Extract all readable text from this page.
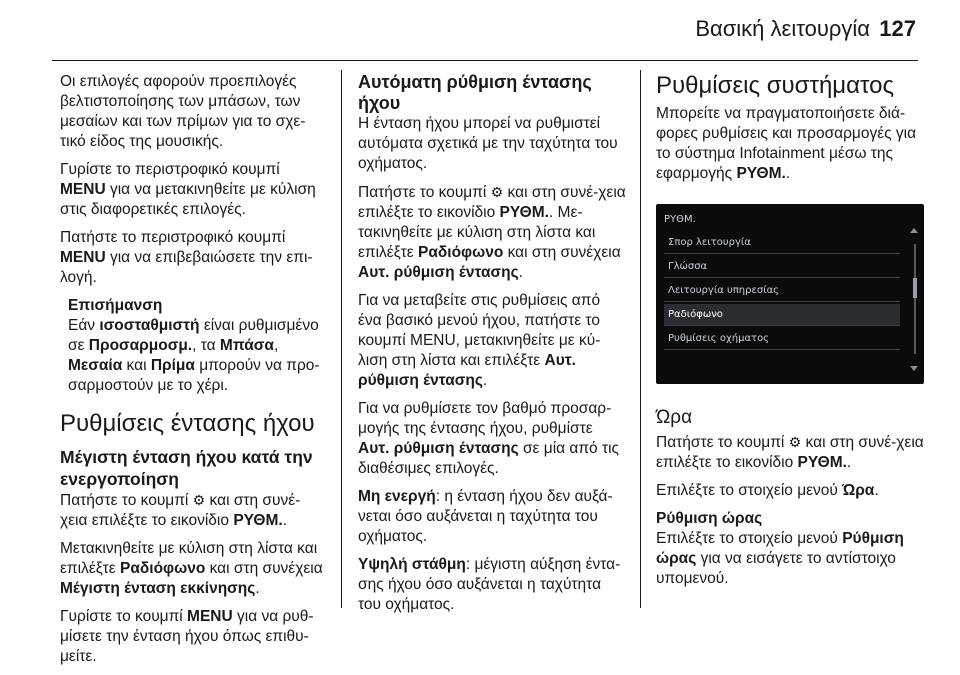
Βασική λειτουργία 127

Οι επιλογές αφορούν προεπιλογές βελτιστοποίησης των μπάσων, των μεσαίων και των πρίμων για το σχε-τικό είδος της μουσικής.

Γυρίστε το περιστροφικό κουμπί MENU για να μετακινηθείτε με κύλιση στις διαφορετικές επιλογές.

Πατήστε το περιστροφικό κουμπί MENU για να επιβεβαιώσετε την επι-λογή.

Επισήμανση
Εάν ισοσταθμιστή είναι ρυθμισμένο σε Προσαρμοσμ., τα Μπάσα, Μεσαία και Πρίμα μπορούν να προ-σαρμοστούν με το χέρι.
Ρυθμίσεις έντασης ήχου
Μέγιστη ένταση ήχου κατά την ενεργοποίηση

Πατήστε το κουμπί ⚙ και στη συνέ-χεια επιλέξτε το εικονίδιο ΡΥΘΜ..

Μετακινηθείτε με κύλιση στη λίστα και επιλέξτε Ραδιόφωνο και στη συνέχεια Μέγιστη ένταση εκκίνησης.

Γυρίστε το κουμπί MENU για να ρυθ-μίσετε την ένταση ήχου όπως επιθυ-μείτε.

Αυτόματη ρύθμιση έντασης ήχου

Η ένταση ήχου μπορεί να ρυθμιστεί αυτόματα σχετικά με την ταχύτητα του οχήματος.

Πατήστε το κουμπί ⚙ και στη συνέ-χεια επιλέξτε το εικονίδιο ΡΥΘΜ.. Με-τακινηθείτε με κύλιση στη λίστα και επιλέξτε Ραδιόφωνο και στη συνέχεια Αυτ. ρύθμιση έντασης.

Για να μεταβείτε στις ρυθμίσεις από ένα βασικό μενού ήχου, πατήστε το κουμπί MENU, μετακινηθείτε με κύ-λιση στη λίστα και επιλέξτε Αυτ. ρύθμιση έντασης.

Για να ρυθμίσετε τον βαθμό προσαρ-μογής της έντασης ήχου, ρυθμίστε Αυτ. ρύθμιση έντασης σε μία από τις διαθέσιμες επιλογές.

Μη ενεργή: η ένταση ήχου δεν αυξά-νεται όσο αυξάνεται η ταχύτητα του οχήματος.

Υψηλή στάθμη: μέγιστη αύξηση έντα-σης ήχου όσο αυξάνεται η ταχύτητα του οχήματος.

Ρυθμίσεις συστήματος

Μπορείτε να πραγματοποιήσετε διά-φορες ρυθμίσεις και προσαρμογές για το σύστημα Infotainment μέσω της εφαρμογής ΡΥΘΜ..

ΡΥΘΜ.
Σπορ λειτουργία
Γλώσσα
Λειτουργία υπηρεσίας
Ραδιόφωνο
Ρυθμίσεις οχήματος
Ώρα

Πατήστε το κουμπί ⚙ και στη συνέ-χεια επιλέξτε το εικονίδιο ΡΥΘΜ..

Επιλέξτε το στοιχείο μενού Ώρα.

Ρύθμιση ώρας

Επιλέξτε το στοιχείο μενού Ρύθμιση ώρας για να εισάγετε το αντίστοιχο υπομενού.
